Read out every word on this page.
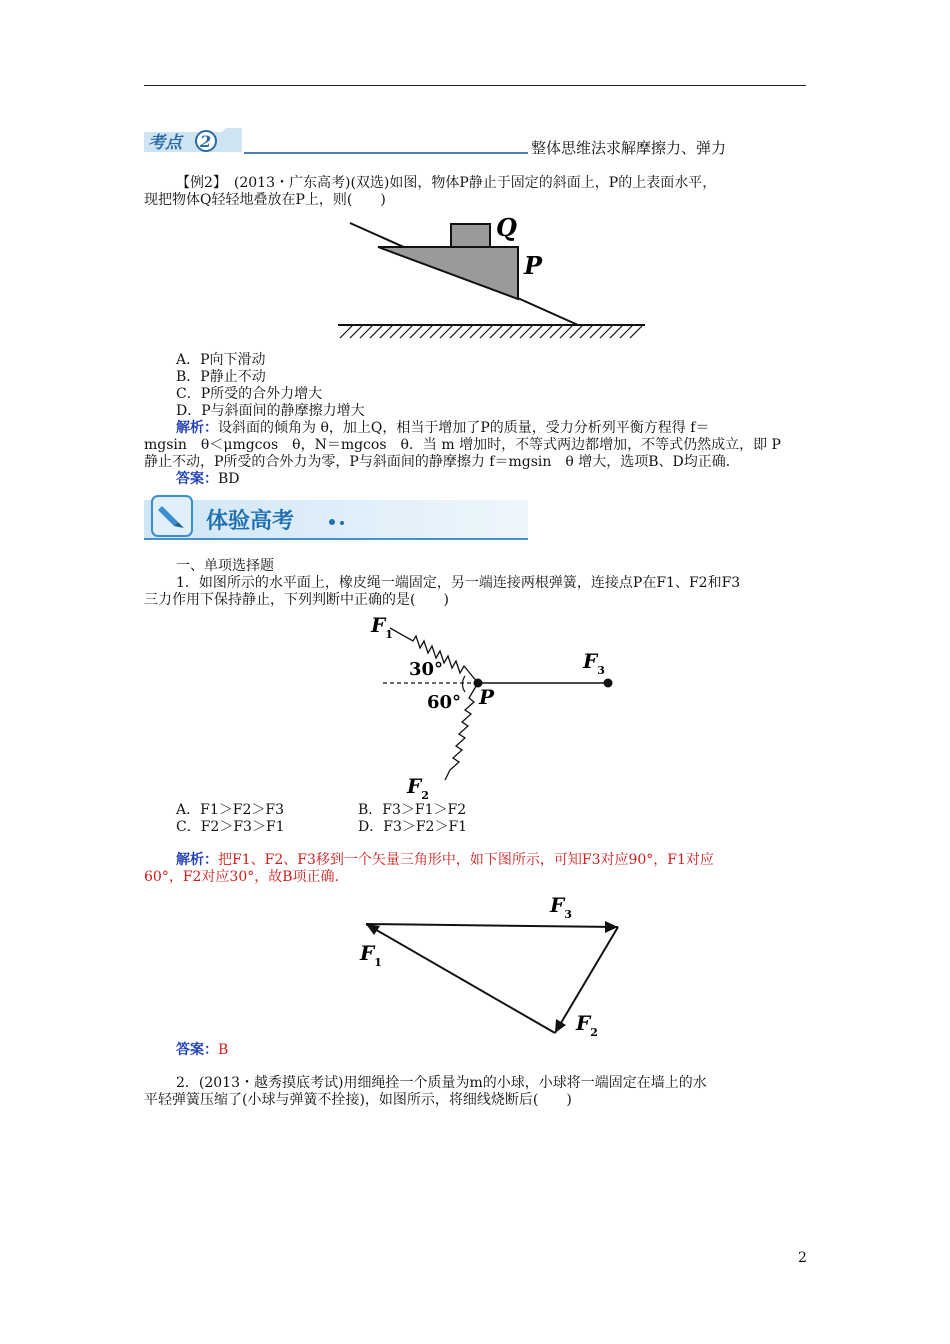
考点 2	整体思维法求解摩擦力、弹力
【例2】　(2013・广东高考)(双选)如图，物体P静止于固定的斜面上，P的上表面水平，
现把物体Q轻轻地叠放在P上，则(　　)
Q
P
A．P向下滑动
B．P静止不动
C．P所受的合外力增大
D．P与斜面间的静摩擦力增大
解析：设斜面的倾角为 θ，加上Q，相当于增加了P的质量，受力分析列平衡方程得 f＝
mgsin　θ＜μmgcos　θ，N＝mgcos　θ．当 m 增加时，不等式两边都增加，不等式仍然成立，即 P
静止不动，P所受的合外力为零，P与斜面间的静摩擦力 f＝mgsin　θ 增大，选项B、D均正确．
答案：BD
体验高考
一、单项选择题
1．如图所示的水平面上，橡皮绳一端固定，另一端连接两根弹簧，连接点P在F1、F2和F3
三力作用下保持静止，下列判断中正确的是(　　)
$F_1$
30°
60° P
$F_3$
$F_2$
A．F1＞F2＞F3	B．F3＞F1＞F2
C．F2＞F3＞F1	D．F3＞F2＞F1
解析：把F1、F2、F3移到一个矢量三角形中，如下图所示，可知F3对应90°，F1对应
60°，F2对应30°，故B项正确.
$F_3$
$F_1$
$F_2$
答案：B
2．(2013・越秀摸底考试)用细绳拴一个质量为m的小球，小球将一端固定在墙上的水
平轻弹簧压缩了(小球与弹簧不拴接)，如图所示，将细线烧断后(　　)
2
